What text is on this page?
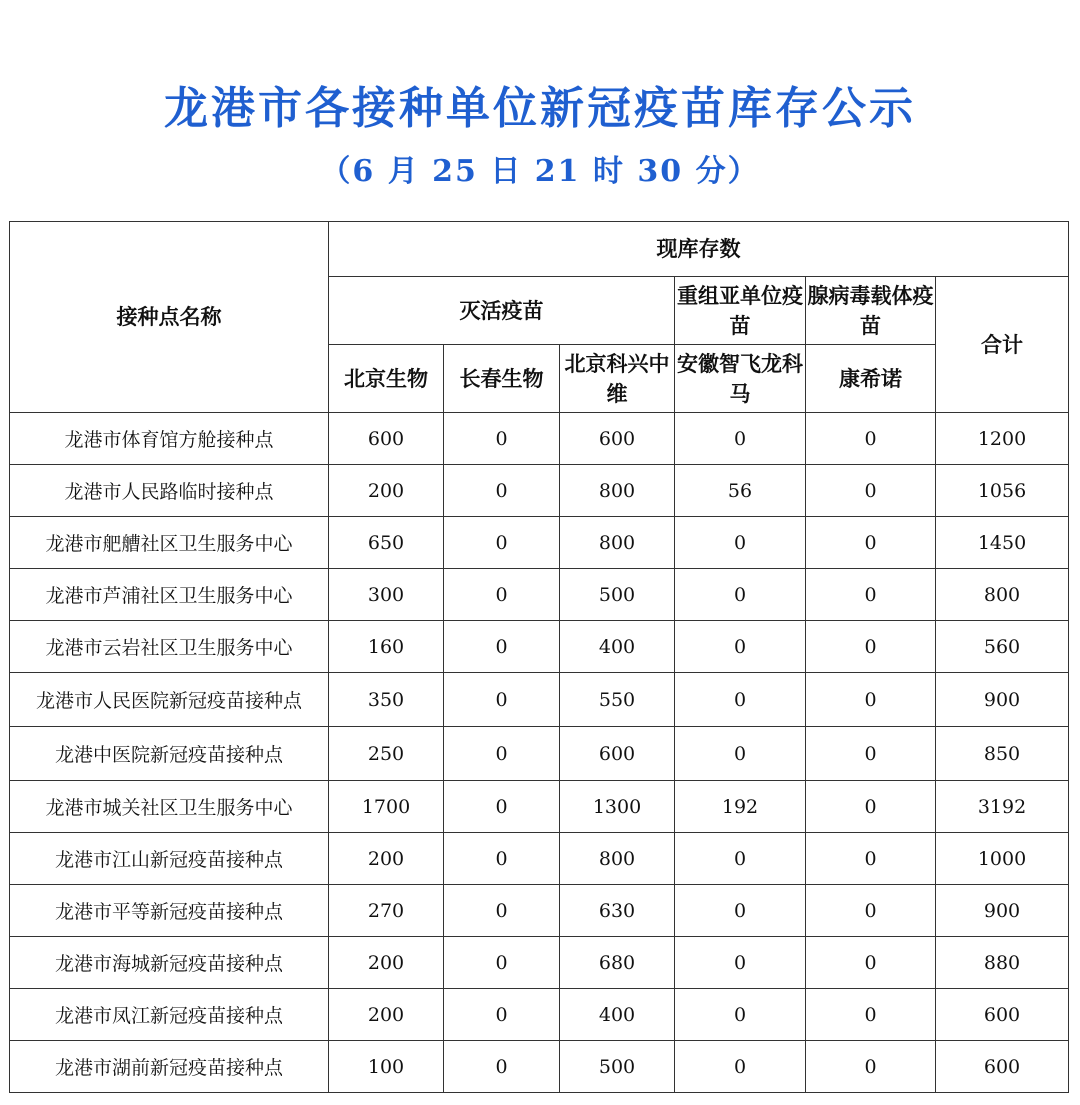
龙港市各接种单位新冠疫苗库存公示
（6 月 25 日 21 时 30 分）
接种点名称	现库存数					
	灭活疫苗			重组亚单位疫苗	腺病毒载体疫苗	合计
	北京生物	长春生物	北京科兴中维	安徽智飞龙科马	康希诺	
龙港市体育馆方舱接种点	600	0	600	0	0	1200
龙港市人民路临时接种点	200	0	800	56	0	1056
龙港市舥艚社区卫生服务中心	650	0	800	0	0	1450
龙港市芦浦社区卫生服务中心	300	0	500	0	0	800
龙港市云岩社区卫生服务中心	160	0	400	0	0	560
龙港市人民医院新冠疫苗接种点	350	0	550	0	0	900
龙港中医院新冠疫苗接种点	250	0	600	0	0	850
龙港市城关社区卫生服务中心	1700	0	1300	192	0	3192
龙港市江山新冠疫苗接种点	200	0	800	0	0	1000
龙港市平等新冠疫苗接种点	270	0	630	0	0	900
龙港市海城新冠疫苗接种点	200	0	680	0	0	880
龙港市凤江新冠疫苗接种点	200	0	400	0	0	600
龙港市湖前新冠疫苗接种点	100	0	500	0	0	600
